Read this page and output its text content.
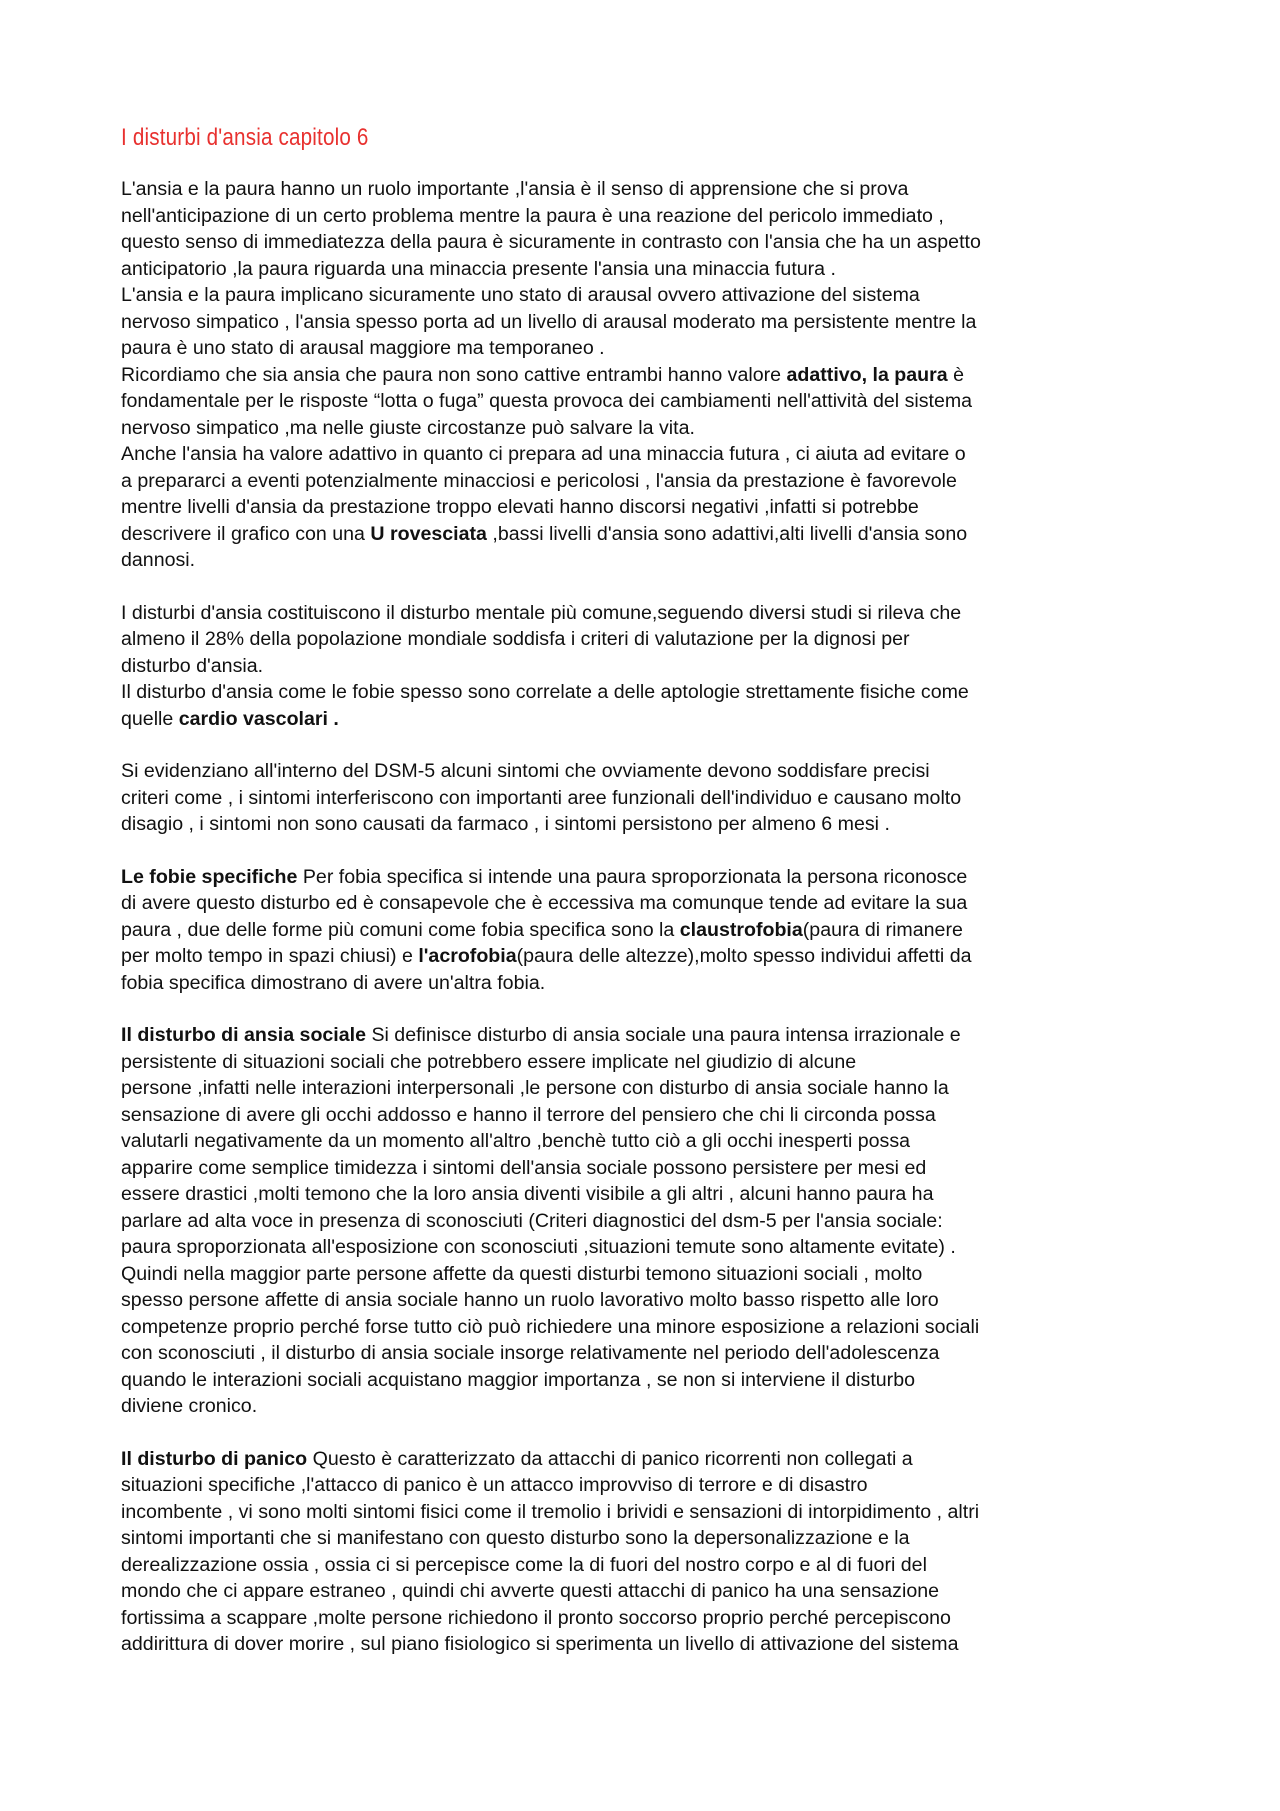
I disturbi d'ansia capitolo 6
L'ansia e la paura hanno un ruolo importante ,l'ansia è il senso di apprensione che si prova
nell'anticipazione di un certo problema mentre la paura è una reazione del pericolo immediato ,
questo senso di immediatezza della paura è sicuramente in contrasto con l'ansia che ha un aspetto
anticipatorio ,la paura riguarda una minaccia presente l'ansia una minaccia futura .
L'ansia e la paura implicano sicuramente uno stato di arausal ovvero attivazione del sistema
nervoso simpatico , l'ansia spesso porta ad un livello di arausal moderato ma persistente mentre la
paura è uno stato di arausal maggiore ma temporaneo .
Ricordiamo che sia ansia che paura non sono cattive entrambi hanno valore adattivo, la paura è
fondamentale per le risposte “lotta o fuga” questa provoca dei cambiamenti nell'attività del sistema
nervoso simpatico ,ma nelle giuste circostanze può salvare la vita.
Anche l'ansia ha valore adattivo in quanto ci prepara ad una minaccia futura , ci aiuta ad evitare o
a prepararci a eventi potenzialmente minacciosi e pericolosi , l'ansia da prestazione è favorevole
mentre livelli d'ansia da prestazione troppo elevati hanno discorsi negativi ,infatti si potrebbe
descrivere il grafico con una U rovesciata ,bassi livelli d'ansia sono adattivi,alti livelli d'ansia sono
dannosi.
I disturbi d'ansia costituiscono il disturbo mentale più comune,seguendo diversi studi si rileva che
almeno il 28% della popolazione mondiale soddisfa i criteri di valutazione per la dignosi per
disturbo d'ansia.
Il disturbo d'ansia come le fobie spesso sono correlate a delle aptologie strettamente fisiche come
quelle cardio vascolari .
Si evidenziano all'interno del DSM-5 alcuni sintomi che ovviamente devono soddisfare precisi
criteri come , i sintomi interferiscono con importanti aree funzionali dell'individuo e causano molto
disagio , i sintomi non sono causati da farmaco , i sintomi persistono per almeno 6 mesi .
Le fobie specifiche Per fobia specifica si intende una paura sproporzionata la persona riconosce
di avere questo disturbo ed è consapevole che è eccessiva ma comunque tende ad evitare la sua
paura , due delle forme più comuni come fobia specifica sono la claustrofobia(paura di rimanere
per molto tempo in spazi chiusi) e l'acrofobia(paura delle altezze),molto spesso individui affetti da
fobia specifica dimostrano di avere un'altra fobia.
Il disturbo di ansia sociale Si definisce disturbo di ansia sociale una paura intensa irrazionale e
persistente di situazioni sociali che potrebbero essere implicate nel giudizio di alcune
persone ,infatti nelle interazioni interpersonali ,le persone con disturbo di ansia sociale hanno la
sensazione di avere gli occhi addosso e hanno il terrore del pensiero che chi li circonda possa
valutarli negativamente da un momento all'altro ,benchè tutto ciò a gli occhi inesperti possa
apparire come semplice timidezza i sintomi dell'ansia sociale possono persistere per mesi ed
essere drastici ,molti temono che la loro ansia diventi visibile a gli altri , alcuni hanno paura ha
parlare ad alta voce in presenza di sconosciuti (Criteri diagnostici del dsm-5 per l'ansia sociale:
paura sproporzionata all'esposizione con sconosciuti ,situazioni temute sono altamente evitate) .
Quindi nella maggior parte persone affette da questi disturbi temono situazioni sociali , molto
spesso persone affette di ansia sociale hanno un ruolo lavorativo molto basso rispetto alle loro
competenze proprio perché forse tutto ciò può richiedere una minore esposizione a relazioni sociali
con sconosciuti , il disturbo di ansia sociale insorge relativamente nel periodo dell'adolescenza
quando le interazioni sociali acquistano maggior importanza , se non si interviene il disturbo
diviene cronico.
Il disturbo di panico Questo è caratterizzato da attacchi di panico ricorrenti non collegati a
situazioni specifiche ,l'attacco di panico è un attacco improvviso di terrore e di disastro
incombente , vi sono molti sintomi fisici come il tremolio i brividi e sensazioni di intorpidimento , altri
sintomi importanti che si manifestano con questo disturbo sono la depersonalizzazione e la
derealizzazione ossia , ossia ci si percepisce come la di fuori del nostro corpo e al di fuori del
mondo che ci appare estraneo , quindi chi avverte questi attacchi di panico ha una sensazione
fortissima a scappare ,molte persone richiedono il pronto soccorso proprio perché percepiscono
addirittura di dover morire , sul piano fisiologico si sperimenta un livello di attivazione del sistema
